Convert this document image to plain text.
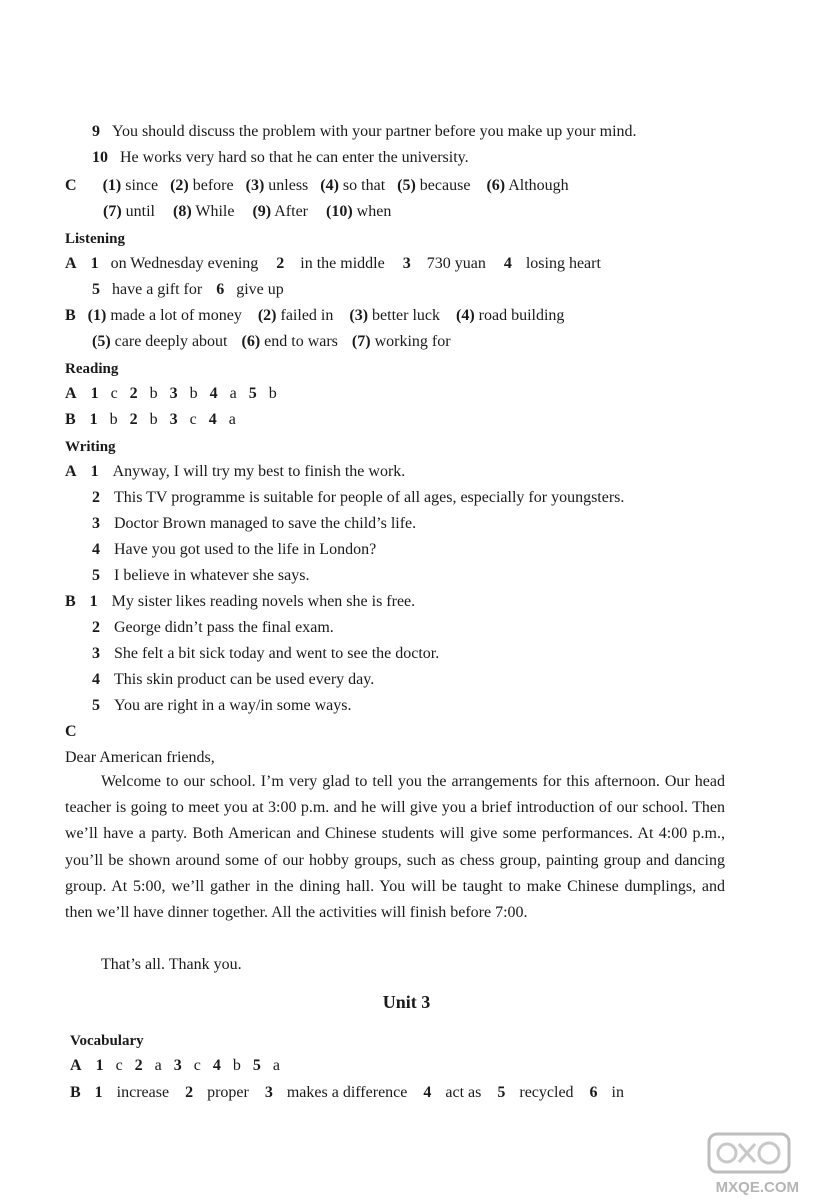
9 You should discuss the problem with your partner before you make up your mind.
10 He works very hard so that he can enter the university.
C (1) since (2) before (3) unless (4) so that (5) because (6) Although
(7) until (8) While (9) After (10) when
Listening
A 1 on Wednesday evening 2 in the middle 3 730 yuan 4 losing heart
5 have a gift for 6 give up
B (1) made a lot of money (2) failed in (3) better luck (4) road building
(5) care deeply about (6) end to wars (7) working for
Reading
A 1 c 2 b 3 b 4 a 5 b
B 1 b 2 b 3 c 4 a
Writing
A 1 Anyway, I will try my best to finish the work.
2 This TV programme is suitable for people of all ages, especially for youngsters.
3 Doctor Brown managed to save the child’s life.
4 Have you got used to the life in London?
5 I believe in whatever she says.
B 1 My sister likes reading novels when she is free.
2 George didn’t pass the final exam.
3 She felt a bit sick today and went to see the doctor.
4 This skin product can be used every day.
5 You are right in a way/in some ways.
C
Dear American friends,
Welcome to our school. I’m very glad to tell you the arrangements for this afternoon. Our head teacher is going to meet you at 3:00 p.m. and he will give you a brief introduction of our school. Then we’ll have a party. Both American and Chinese students will give some performances. At 4:00 p.m., you’ll be shown around some of our hobby groups, such as chess group, painting group and dancing group. At 5:00, we’ll gather in the dining hall. You will be taught to make Chinese dumplings, and then we’ll have dinner together. All the activities will finish before 7:00.
That’s all. Thank you.
Unit 3
Vocabulary
A 1 c 2 a 3 c 4 b 5 a
B 1 increase 2 proper 3 makes a difference 4 act as 5 recycled 6 in
MXQE.COM
